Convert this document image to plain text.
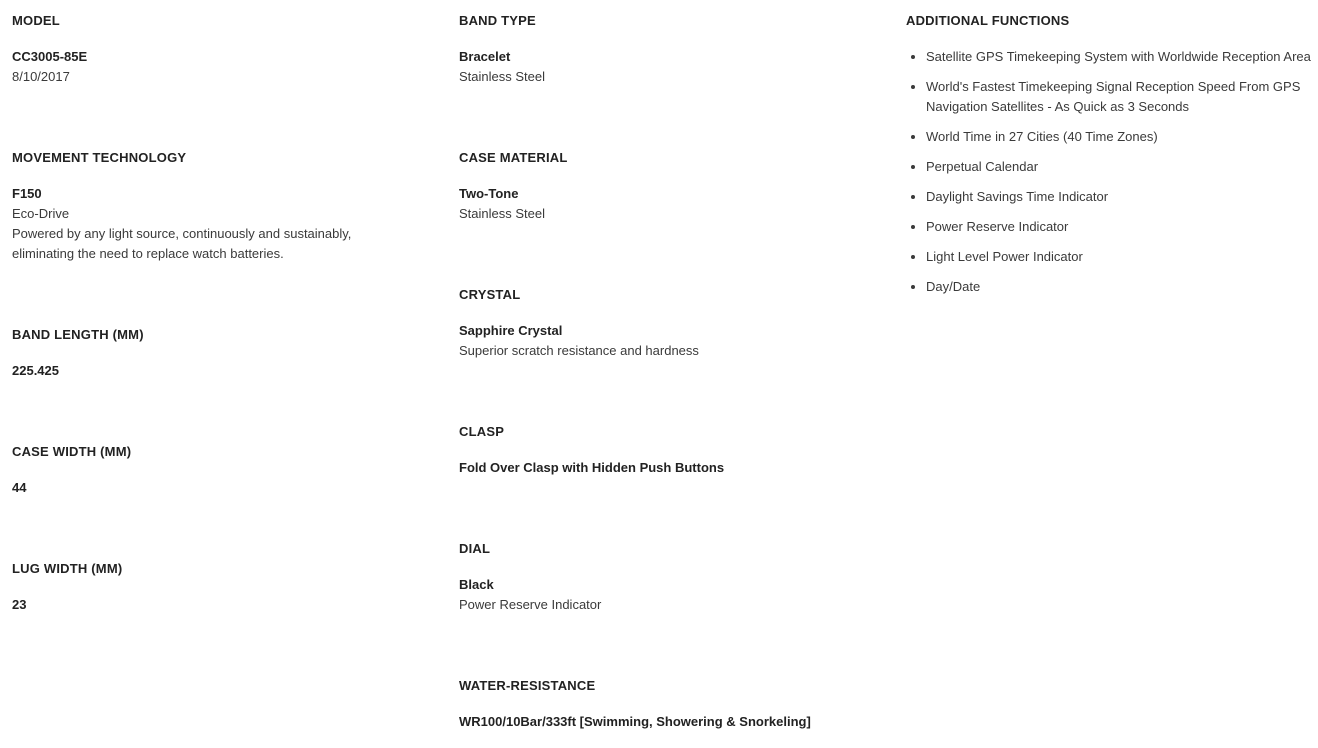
MODEL
CC3005-85E
8/10/2017
MOVEMENT TECHNOLOGY
F150
Eco-Drive
Powered by any light source, continuously and sustainably, eliminating the need to replace watch batteries.
BAND LENGTH (MM)
225.425
CASE WIDTH (MM)
44
LUG WIDTH (MM)
23
BAND TYPE
Bracelet
Stainless Steel
CASE MATERIAL
Two-Tone
Stainless Steel
CRYSTAL
Sapphire Crystal
Superior scratch resistance and hardness
CLASP
Fold Over Clasp with Hidden Push Buttons
DIAL
Black
Power Reserve Indicator
WATER-RESISTANCE
WR100/10Bar/333ft [Swimming, Showering & Snorkeling]
ADDITIONAL FUNCTIONS
• Satellite GPS Timekeeping System with Worldwide Reception Area
• World's Fastest Timekeeping Signal Reception Speed From GPS Navigation Satellites - As Quick as 3 Seconds
• World Time in 27 Cities (40 Time Zones)
• Perpetual Calendar
• Daylight Savings Time Indicator
• Power Reserve Indicator
• Light Level Power Indicator
• Day/Date
